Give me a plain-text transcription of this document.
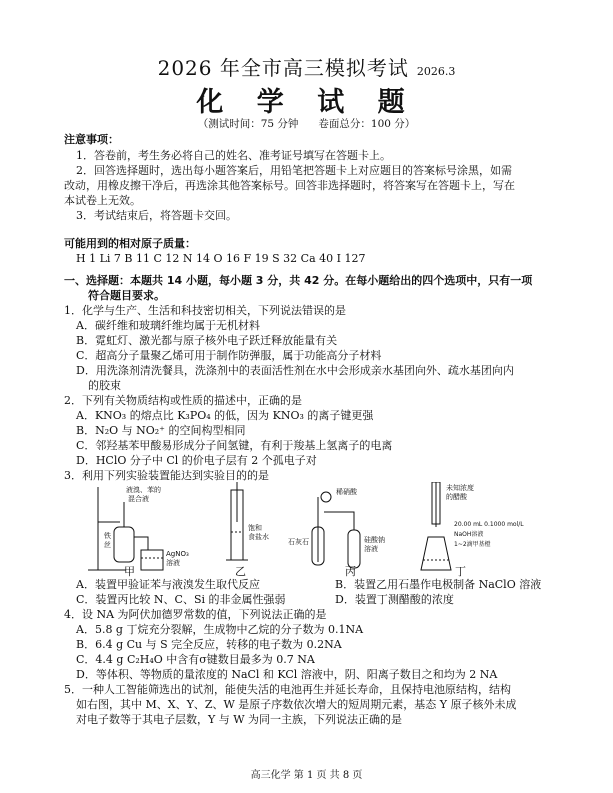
2026 年全市高三模拟考试 2026.3
化 学 试 题
（测试时间：75 分钟 卷面总分：100 分）
注意事项：
1．答卷前，考生务必将自己的姓名、准考证号填写在答题卡上。
2．回答选择题时，选出每小题答案后，用铅笔把答题卡上对应题目的答案标号涂黑，如需
改动，用橡皮擦干净后，再选涂其他答案标号。回答非选择题时，将答案写在答题卡上，写在
本试卷上无效。
3．考试结束后，将答题卡交回。
可能用到的相对原子质量：
H 1 Li 7 B 11 C 12 N 14 O 16 F 19 S 32 Ca 40 I 127
一、选择题：本题共 14 小题，每小题 3 分，共 42 分。在每小题给出的四个选项中，只有一项
符合题目要求。
1．化学与生产、生活和科技密切相关，下列说法错误的是
A．碳纤维和玻璃纤维均属于无机材料
B．霓虹灯、激光都与原子核外电子跃迁释放能量有关
C．超高分子量聚乙烯可用于制作防弹服，属于功能高分子材料
D．用洗涤剂清洗餐具，洗涤剂中的表面活性剂在水中会形成亲水基团向外、疏水基团向内
的胶束
2．下列有关物质结构或性质的描述中，正确的是
A．KNO₃ 的熔点比 K₃PO₄ 的低，因为 KNO₃ 的离子键更强
B．N₂O 与 NO₂⁺ 的空间构型相同
C．邻羟基苯甲酸易形成分子间氢键，有利于羧基上氢离子的电离
D．HClO 分子中 Cl 的价电子层有 2 个孤电子对
3．利用下列实验装置能达到实验目的的是
液溴、苯的
混合液
铁
丝
AgNO₃
溶液
饱和
食盐水
稀硝酸
石灰石	硅酸钠
溶液
未知浓度
的醋酸
20.00 mL 0.1000 mol/L
NaOH溶液
1~2滴甲基橙
甲	乙	丙	丁
A．装置甲验证苯与液溴发生取代反应	B．装置乙用石墨作电极制备 NaClO 溶液
C．装置丙比较 N、C、Si 的非金属性强弱	D．装置丁测醋酸的浓度
4．设 NA 为阿伏加德罗常数的值，下列说法正确的是
A．5.8 g 丁烷充分裂解，生成物中乙烷的分子数为 0.1NA
B．6.4 g Cu 与 S 完全反应，转移的电子数为 0.2NA
C．4.4 g C₂H₄O 中含有σ键数目最多为 0.7 NA
D．等体积、等物质的量浓度的 NaCl 和 KCl 溶液中，阴、阳离子数目之和均为 2 NA
5．一种人工智能筛选出的试剂，能使失活的电池再生并延长寿命，且保持电池原结构，结构
如右图，其中 M、X、Y、Z、W 是原子序数依次增大的短周期元素，基态 Y 原子核外未成
对电子数等于其电子层数，Y 与 W 为同一主族，下列说法正确的是
高三化学 第 1 页 共 8 页
